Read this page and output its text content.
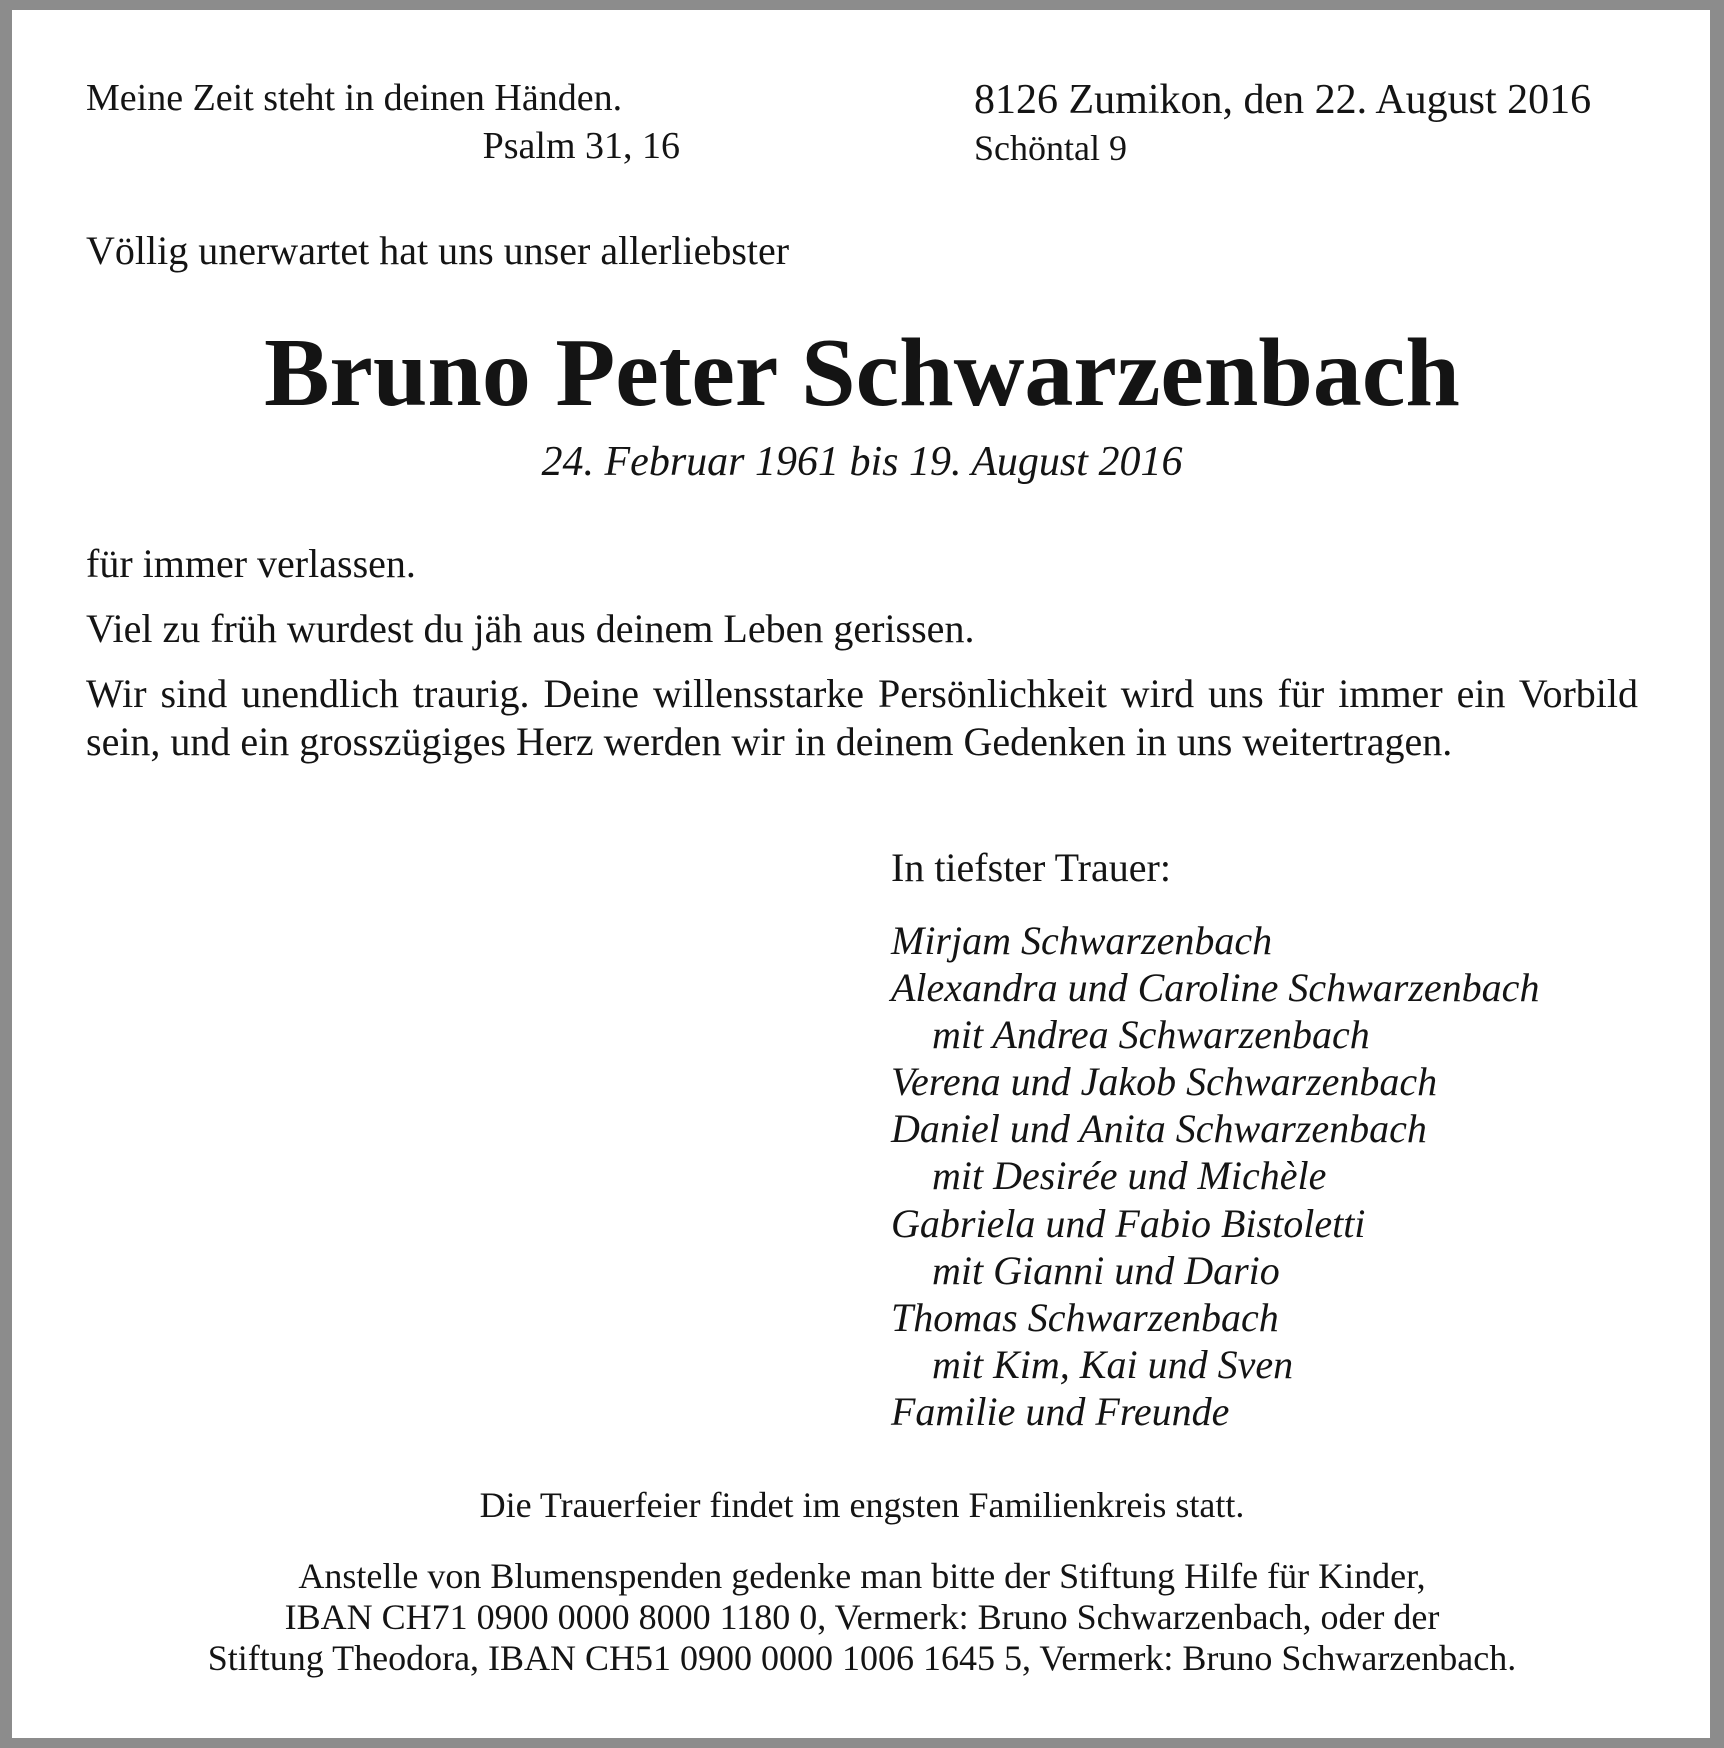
Meine Zeit steht in deinen Händen.
Psalm 31, 16
8126 Zumikon, den 22. August 2016
Schöntal 9
Völlig unerwartet hat uns unser allerliebster
Bruno Peter Schwarzenbach
24. Februar 1961 bis 19. August 2016
für immer verlassen.
Viel zu früh wurdest du jäh aus deinem Leben gerissen.
Wir sind unendlich traurig. Deine willensstarke Persönlichkeit wird uns für immer ein Vorbild sein, und ein grosszügiges Herz werden wir in deinem Gedenken in uns weitertragen.
In tiefster Trauer:
Mirjam Schwarzenbach
Alexandra und Caroline Schwarzenbach
mit Andrea Schwarzenbach
Verena und Jakob Schwarzenbach
Daniel und Anita Schwarzenbach
mit Desirée und Michèle
Gabriela und Fabio Bistoletti
mit Gianni und Dario
Thomas Schwarzenbach
mit Kim, Kai und Sven
Familie und Freunde
Die Trauerfeier findet im engsten Familienkreis statt.
Anstelle von Blumenspenden gedenke man bitte der Stiftung Hilfe für Kinder,
IBAN CH71 0900 0000 8000 1180 0, Vermerk: Bruno Schwarzenbach, oder der
Stiftung Theodora, IBAN CH51 0900 0000 1006 1645 5, Vermerk: Bruno Schwarzenbach.
